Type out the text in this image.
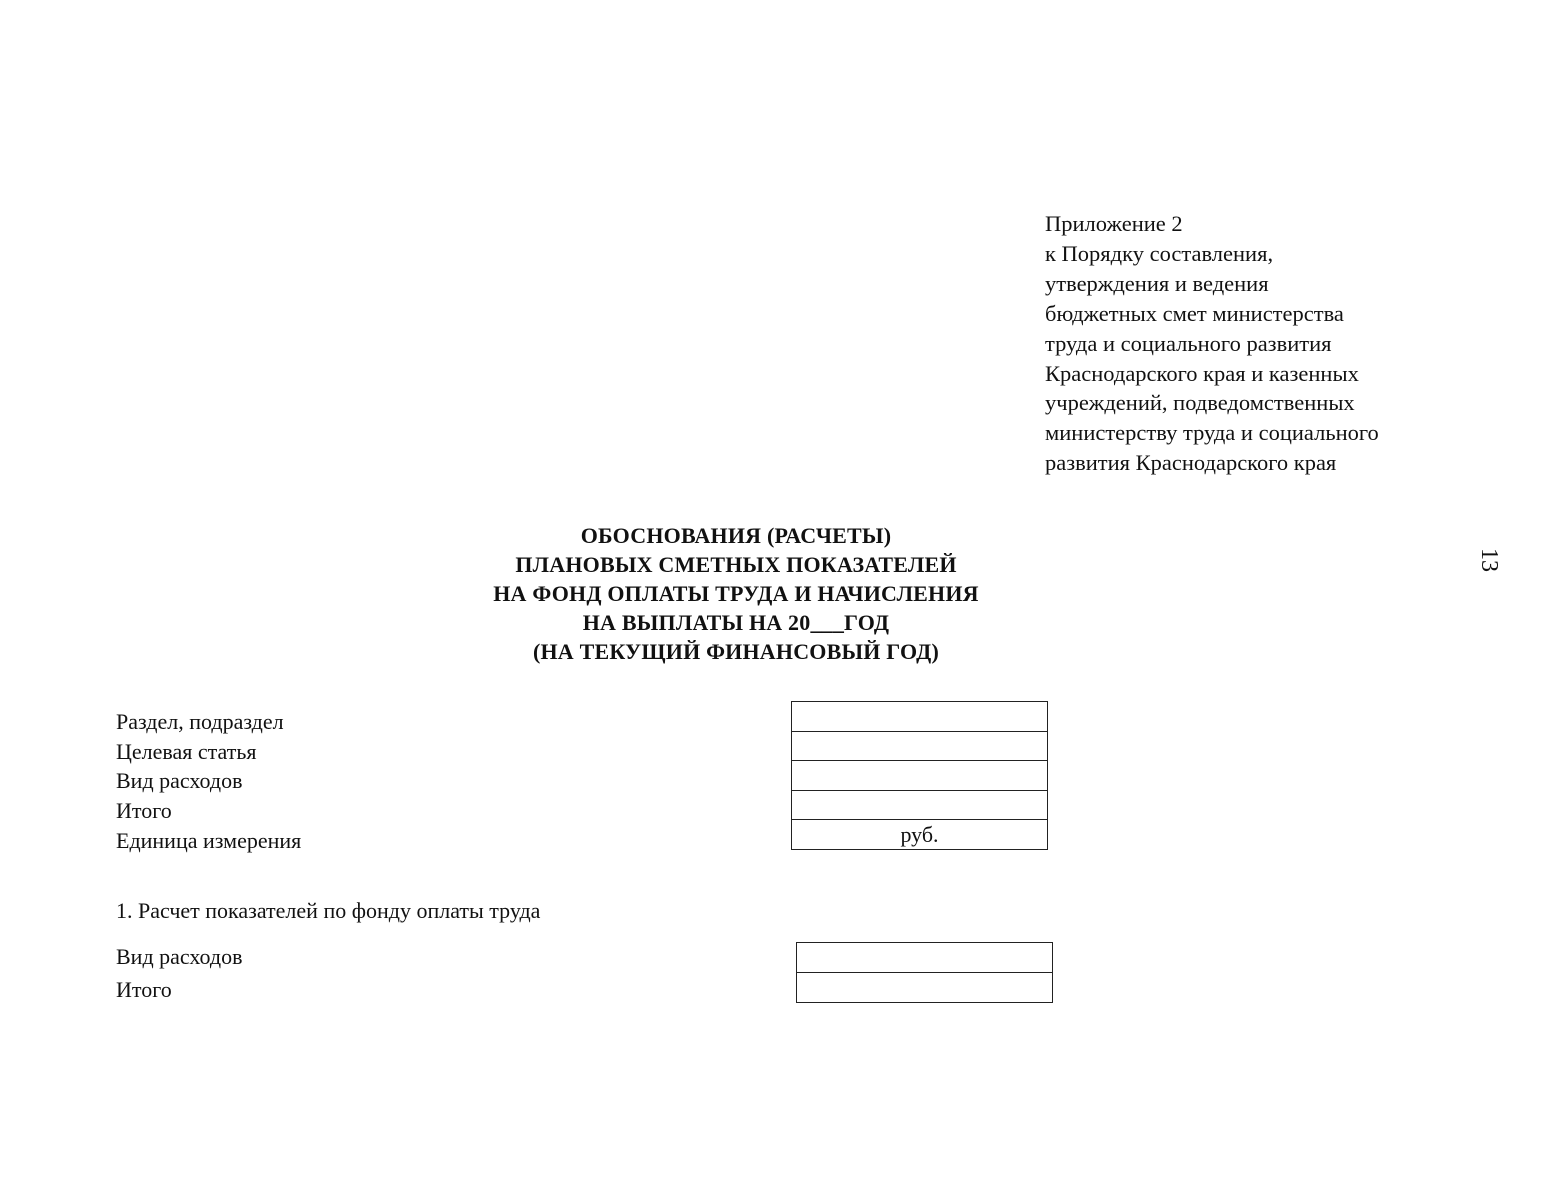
Приложение 2
к Порядку составления,
утверждения и ведения
бюджетных смет министерства
труда и социального развития
Краснодарского края и казенных
учреждений, подведомственных
министерству труда и социального
развития Краснодарского края
13
ОБОСНОВАНИЯ (РАСЧЕТЫ)
ПЛАНОВЫХ СМЕТНЫХ ПОКАЗАТЕЛЕЙ
НА ФОНД ОПЛАТЫ ТРУДА И НАЧИСЛЕНИЯ
НА ВЫПЛАТЫ НА 20___ГОД
(НА ТЕКУЩИЙ ФИНАНСОВЫЙ ГОД)
Раздел, подраздел
Целевая статья
Вид расходов
Итого
Единица измерения	руб.
1. Расчет показателей по фонду оплаты труда
Вид расходов
Итого
